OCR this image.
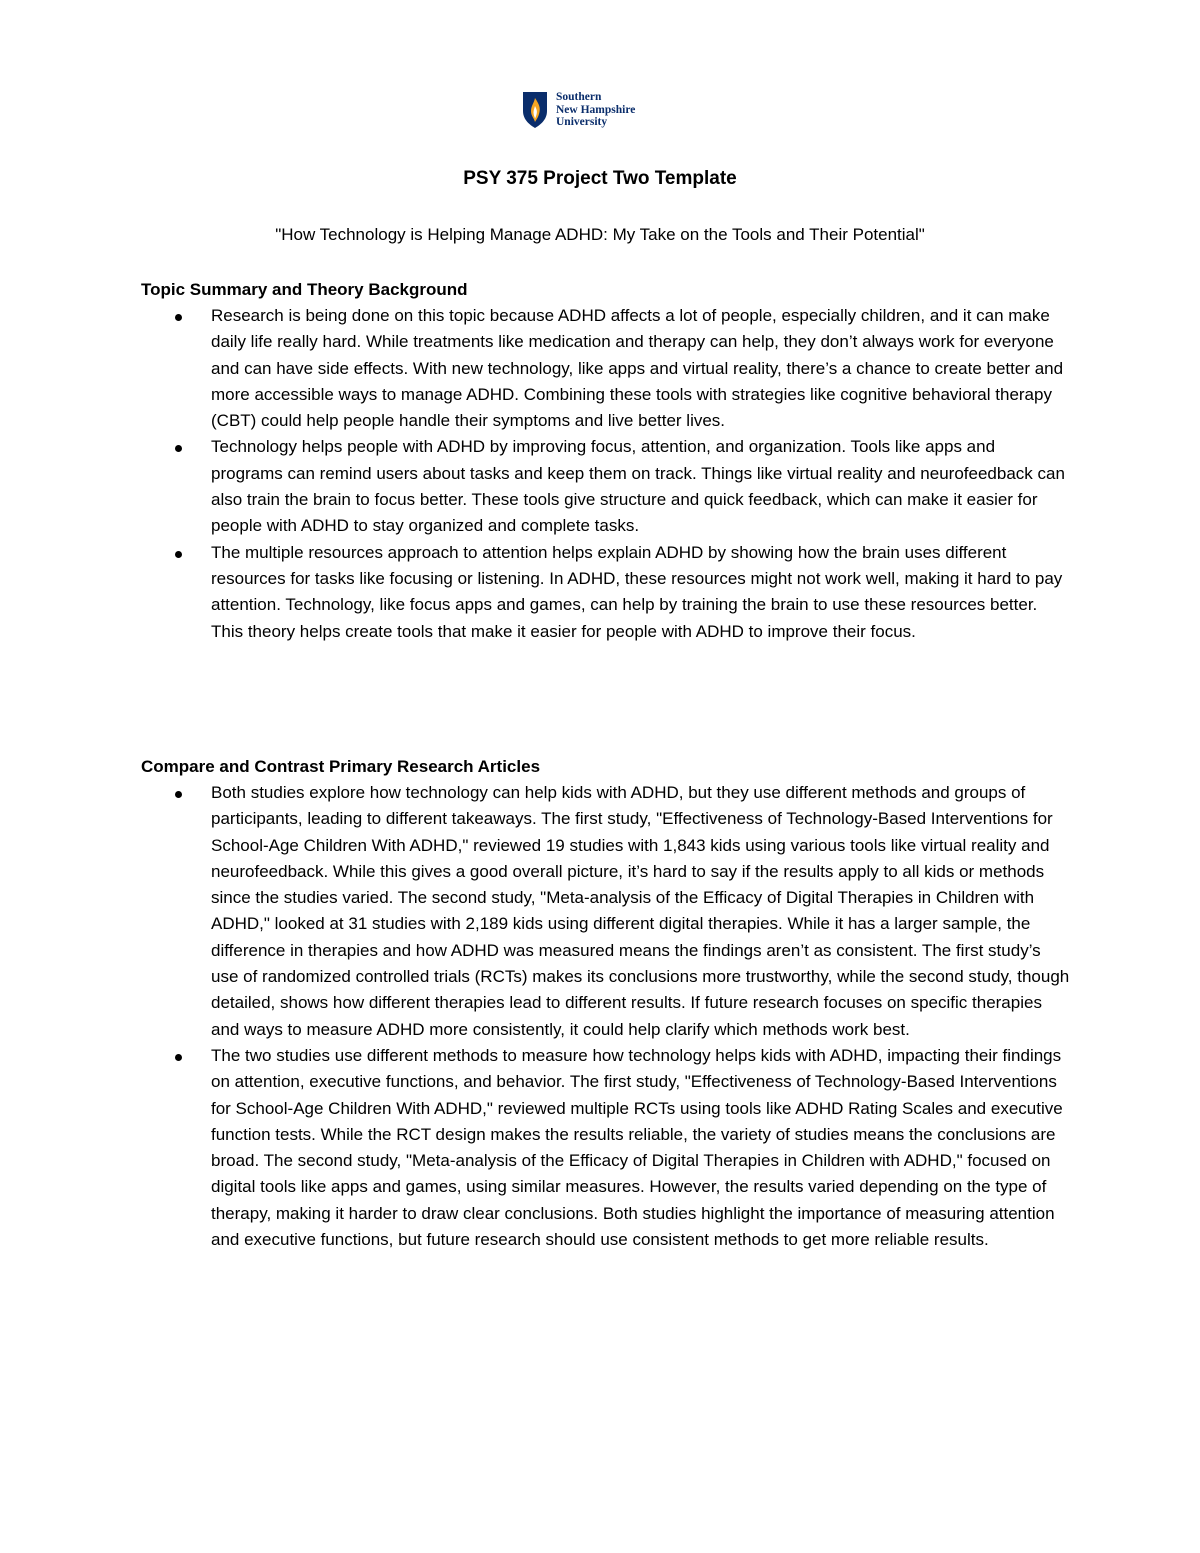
Southern
New Hampshire
University
PSY 375 Project Two Template
"How Technology is Helping Manage ADHD: My Take on the Tools and Their Potential"
Topic Summary and Theory Background
Research is being done on this topic because ADHD affects a lot of people, especially children, and it can make daily life really hard. While treatments like medication and therapy can help, they don’t always work for everyone and can have side effects. With new technology, like apps and virtual reality, there’s a chance to create better and more accessible ways to manage ADHD. Combining these tools with strategies like cognitive behavioral therapy (CBT) could help people handle their symptoms and live better lives.
Technology helps people with ADHD by improving focus, attention, and organization. Tools like apps and programs can remind users about tasks and keep them on track. Things like virtual reality and neurofeedback can also train the brain to focus better. These tools give structure and quick feedback, which can make it easier for people with ADHD to stay organized and complete tasks.
The multiple resources approach to attention helps explain ADHD by showing how the brain uses different resources for tasks like focusing or listening. In ADHD, these resources might not work well, making it hard to pay attention. Technology, like focus apps and games, can help by training the brain to use these resources better. This theory helps create tools that make it easier for people with ADHD to improve their focus.
Compare and Contrast Primary Research Articles
Both studies explore how technology can help kids with ADHD, but they use different methods and groups of participants, leading to different takeaways. The first study, "Effectiveness of Technology-Based Interventions for School-Age Children With ADHD," reviewed 19 studies with 1,843 kids using various tools like virtual reality and neurofeedback. While this gives a good overall picture, it’s hard to say if the results apply to all kids or methods since the studies varied. The second study, "Meta-analysis of the Efficacy of Digital Therapies in Children with ADHD," looked at 31 studies with 2,189 kids using different digital therapies. While it has a larger sample, the difference in therapies and how ADHD was measured means the findings aren’t as consistent. The first study’s use of randomized controlled trials (RCTs) makes its conclusions more trustworthy, while the second study, though detailed, shows how different therapies lead to different results. If future research focuses on specific therapies and ways to measure ADHD more consistently, it could help clarify which methods work best.
The two studies use different methods to measure how technology helps kids with ADHD, impacting their findings on attention, executive functions, and behavior. The first study, "Effectiveness of Technology-Based Interventions for School-Age Children With ADHD," reviewed multiple RCTs using tools like ADHD Rating Scales and executive function tests. While the RCT design makes the results reliable, the variety of studies means the conclusions are broad. The second study, "Meta-analysis of the Efficacy of Digital Therapies in Children with ADHD," focused on digital tools like apps and games, using similar measures. However, the results varied depending on the type of therapy, making it harder to draw clear conclusions. Both studies highlight the importance of measuring attention and executive functions, but future research should use consistent methods to get more reliable results.
